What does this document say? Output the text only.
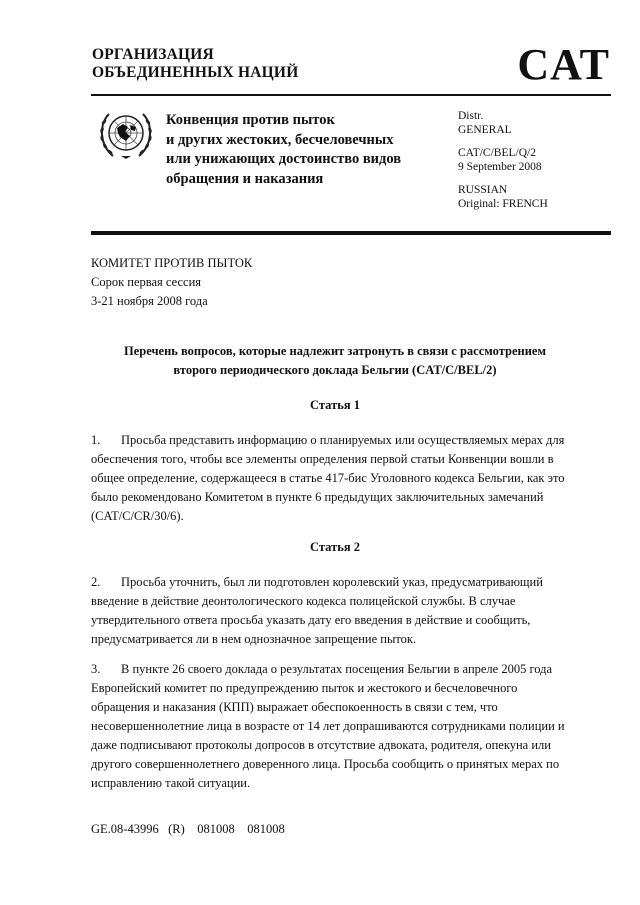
ОРГАНИЗАЦИЯ
ОБЪЕДИНЕННЫХ НАЦИЙ	CAT
Конвенция против пыток
и других жестоких, бесчеловечных
или унижающих достоинство видов
обращения и наказания
Distr.
GENERAL
CAT/C/BEL/Q/2
9 September 2008
RUSSIAN
Original: FRENCH
КОМИТЕТ ПРОТИВ ПЫТОК
Сорок первая сессия
3-21 ноября 2008 года
Перечень вопросов, которые надлежит затронуть в связи с рассмотрением
второго периодического доклада Бельгии (CAT/C/BEL/2)
Статья 1
1. Просьба представить информацию о планируемых или осуществляемых мерах для
обеспечения того, чтобы все элементы определения первой статьи Конвенции вошли в
общее определение, содержащееся в статье 417-бис Уголовного кодекса Бельгии, как это
было рекомендовано Комитетом в пункте 6 предыдущих заключительных замечаний
(CAT/C/CR/30/6).
Статья 2
2. Просьба уточнить, был ли подготовлен королевский указ, предусматривающий
введение в действие деонтологического кодекса полицейской службы. В случае
утвердительного ответа просьба указать дату его введения в действие и сообщить,
предусматривается ли в нем однозначное запрещение пыток.
3. В пункте 26 своего доклада о результатах посещения Бельгии в апреле 2005 года
Европейский комитет по предупреждению пыток и жестокого и бесчеловечного
обращения и наказания (КПП) выражает обеспокоенность в связи с тем, что
несовершеннолетние лица в возрасте от 14 лет допрашиваются сотрудниками полиции и
даже подписывают протоколы допросов в отсутствие адвоката, родителя, опекуна или
другого совершеннолетнего доверенного лица. Просьба сообщить о принятых мерах по
исправлению такой ситуации.
GE.08-43996   (R)    081008    081008
